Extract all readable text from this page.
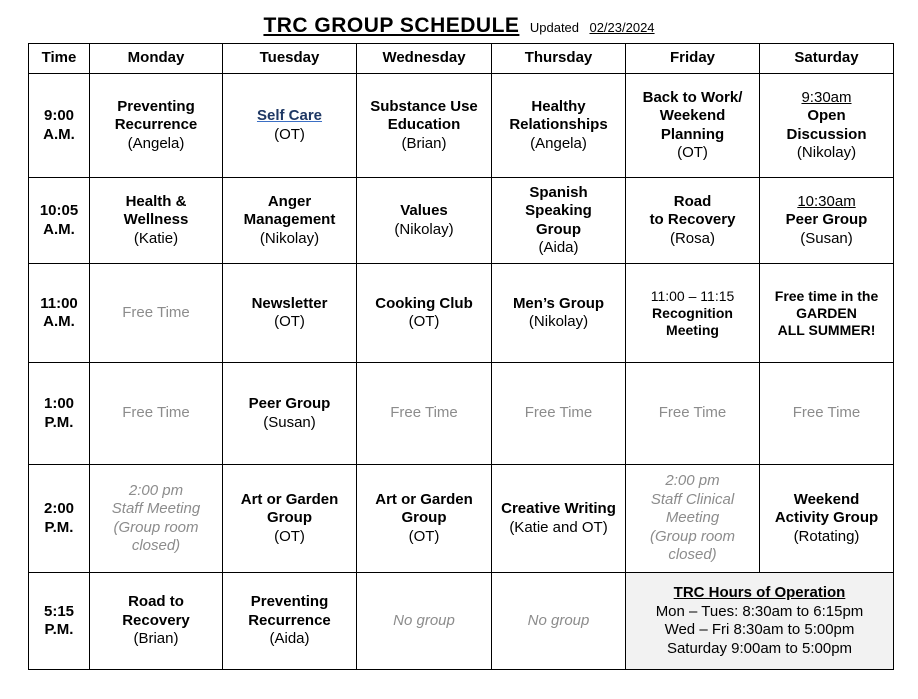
TRC GROUP SCHEDULE Updated 02/23/2024
Time	Monday	Tuesday	Wednesday	Thursday	Friday	Saturday

9:00
A.M.	Preventing
Recurrence
(Angela)	Self Care
(OT)	Substance Use
Education
(Brian)	Healthy
Relationships
(Angela)	Back to Work/
Weekend
Planning
(OT)	9:30am
Open
Discussion
(Nikolay)

10:05
A.M.	Health &
Wellness
(Katie)	Anger
Management
(Nikolay)	Values
(Nikolay)	Spanish
Speaking
Group
(Aida)	Road
to Recovery
(Rosa)	10:30am
Peer Group
(Susan)

11:00
A.M.	Free Time	Newsletter
(OT)	Cooking Club
(OT)	Men’s Group
(Nikolay)	11:00 – 11:15
Recognition
Meeting	Free time in the
GARDEN
ALL SUMMER!

1:00
P.M.	Free Time	Peer Group
(Susan)	Free Time	Free Time	Free Time	Free Time

2:00
P.M.	2:00 pm
Staff Meeting
(Group room
closed)	Art or Garden
Group
(OT)	Art or Garden
Group
(OT)	Creative Writing
(Katie and OT)	2:00 pm
Staff Clinical
Meeting
(Group room
closed)	Weekend
Activity Group
(Rotating)

5:15
P.M.	Road to
Recovery
(Brian)	Preventing
Recurrence
(Aida)	No group	No group	TRC Hours of Operation
Mon – Tues: 8:30am to 6:15pm
Wed – Fri 8:30am to 5:00pm
Saturday 9:00am to 5:00pm	
